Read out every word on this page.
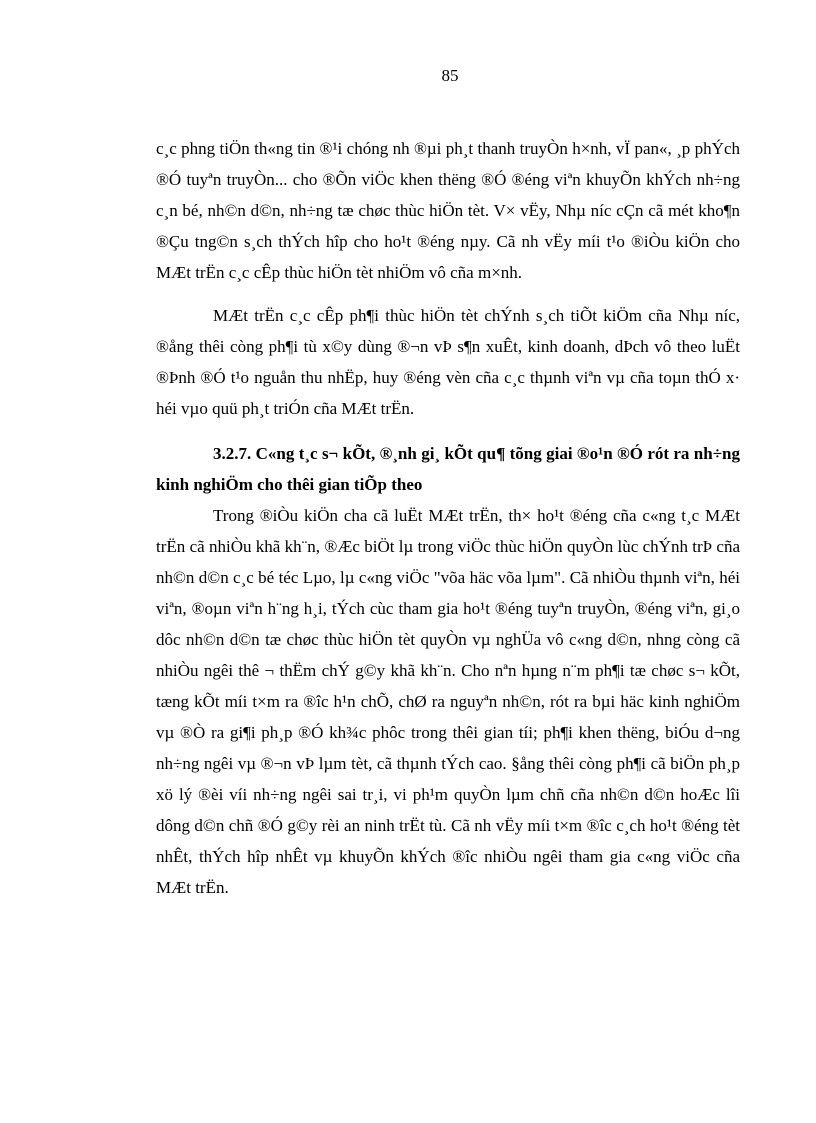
85

c¸c phng tiÖn th«ng tin ®¹i chóng nh ®µi ph¸t thanh truyÒn h×nh, vÏ pan«, ¸p phÝch ®Ó tuyªn truyÒn... cho ®Õn viÖc khen thëng ®Ó ®éng viªn khuyÕn khÝch nh÷ng c¸n bé, nh©n d©n, nh÷ng tæ chøc thùc hiÖn tèt. V× vËy, Nhµ níc cÇn cã mét kho¶n ®Çu tng©n s¸ch thÝch hîp cho ho¹t ®éng nµy. Cã nh vËy míi t¹o ®iÒu kiÖn cho MÆt trËn c¸c cÊp thùc hiÖn tèt nhiÖm vô cña m×nh.

MÆt trËn c¸c cÊp ph¶i thùc hiÖn tèt chÝnh s¸ch tiÕt kiÖm cña Nhµ níc, ®ång thêi còng ph¶i tù x©y dùng ®¬n vÞ s¶n xuÊt, kinh doanh, dÞch vô theo luËt ®Þnh ®Ó t¹o nguån thu nhËp, huy ®éng vèn cña c¸c thµnh viªn vµ cña toµn thÓ x· héi vµo quü ph¸t triÓn cña MÆt trËn.

3.2.7. C«ng t¸c s¬ kÕt, ®¸nh gi¸ kÕt qu¶ tõng giai ®o¹n ®Ó rót ra nh÷ng kinh nghiÖm cho thêi gian tiÕp theo

Trong ®iÒu kiÖn cha cã luËt MÆt trËn, th× ho¹t ®éng cña c«ng t¸c MÆt trËn cã nhiÒu khã kh¨n, ®Æc biÖt lµ trong viÖc thùc hiÖn quyÒn lùc chÝnh trÞ cña nh©n d©n c¸c bé téc Lµo, lµ c«ng viÖc "võa häc võa lµm". Cã nhiÒu thµnh viªn, héi viªn, ®oµn viªn h¨ng h¸i, tÝch cùc tham gia ho¹t ®éng tuyªn truyÒn, ®éng viªn, gi¸o dôc nh©n d©n tæ chøc thùc hiÖn tèt quyÒn vµ nghÜa vô c«ng d©n, nhng còng cã nhiÒu ngêi thê ¬ thËm chÝ g©y khã kh¨n. Cho nªn hµng n¨m ph¶i tæ chøc s¬ kÕt, tæng kÕt míi t×m ra ®îc h¹n chÕ, chØ ra nguyªn nh©n, rót ra bµi häc kinh nghiÖm vµ ®Ò ra gi¶i ph¸p ®Ó kh¾c phôc trong thêi gian tíi; ph¶i khen thëng, biÓu d¬ng nh÷ng ngêi vµ ®¬n vÞ lµm tèt, cã thµnh tÝch cao. §ång thêi còng ph¶i cã biÖn ph¸p xö lý ®èi víi nh÷ng ngêi sai tr¸i, vi ph¹m quyÒn lµm chñ cña nh©n d©n hoÆc lîi dông d©n chñ ®Ó g©y rèi an ninh trËt tù. Cã nh vËy míi t×m ®îc c¸ch ho¹t ®éng tèt nhÊt, thÝch hîp nhÊt vµ khuyÕn khÝch ®îc nhiÒu ngêi tham gia c«ng viÖc cña MÆt trËn.
